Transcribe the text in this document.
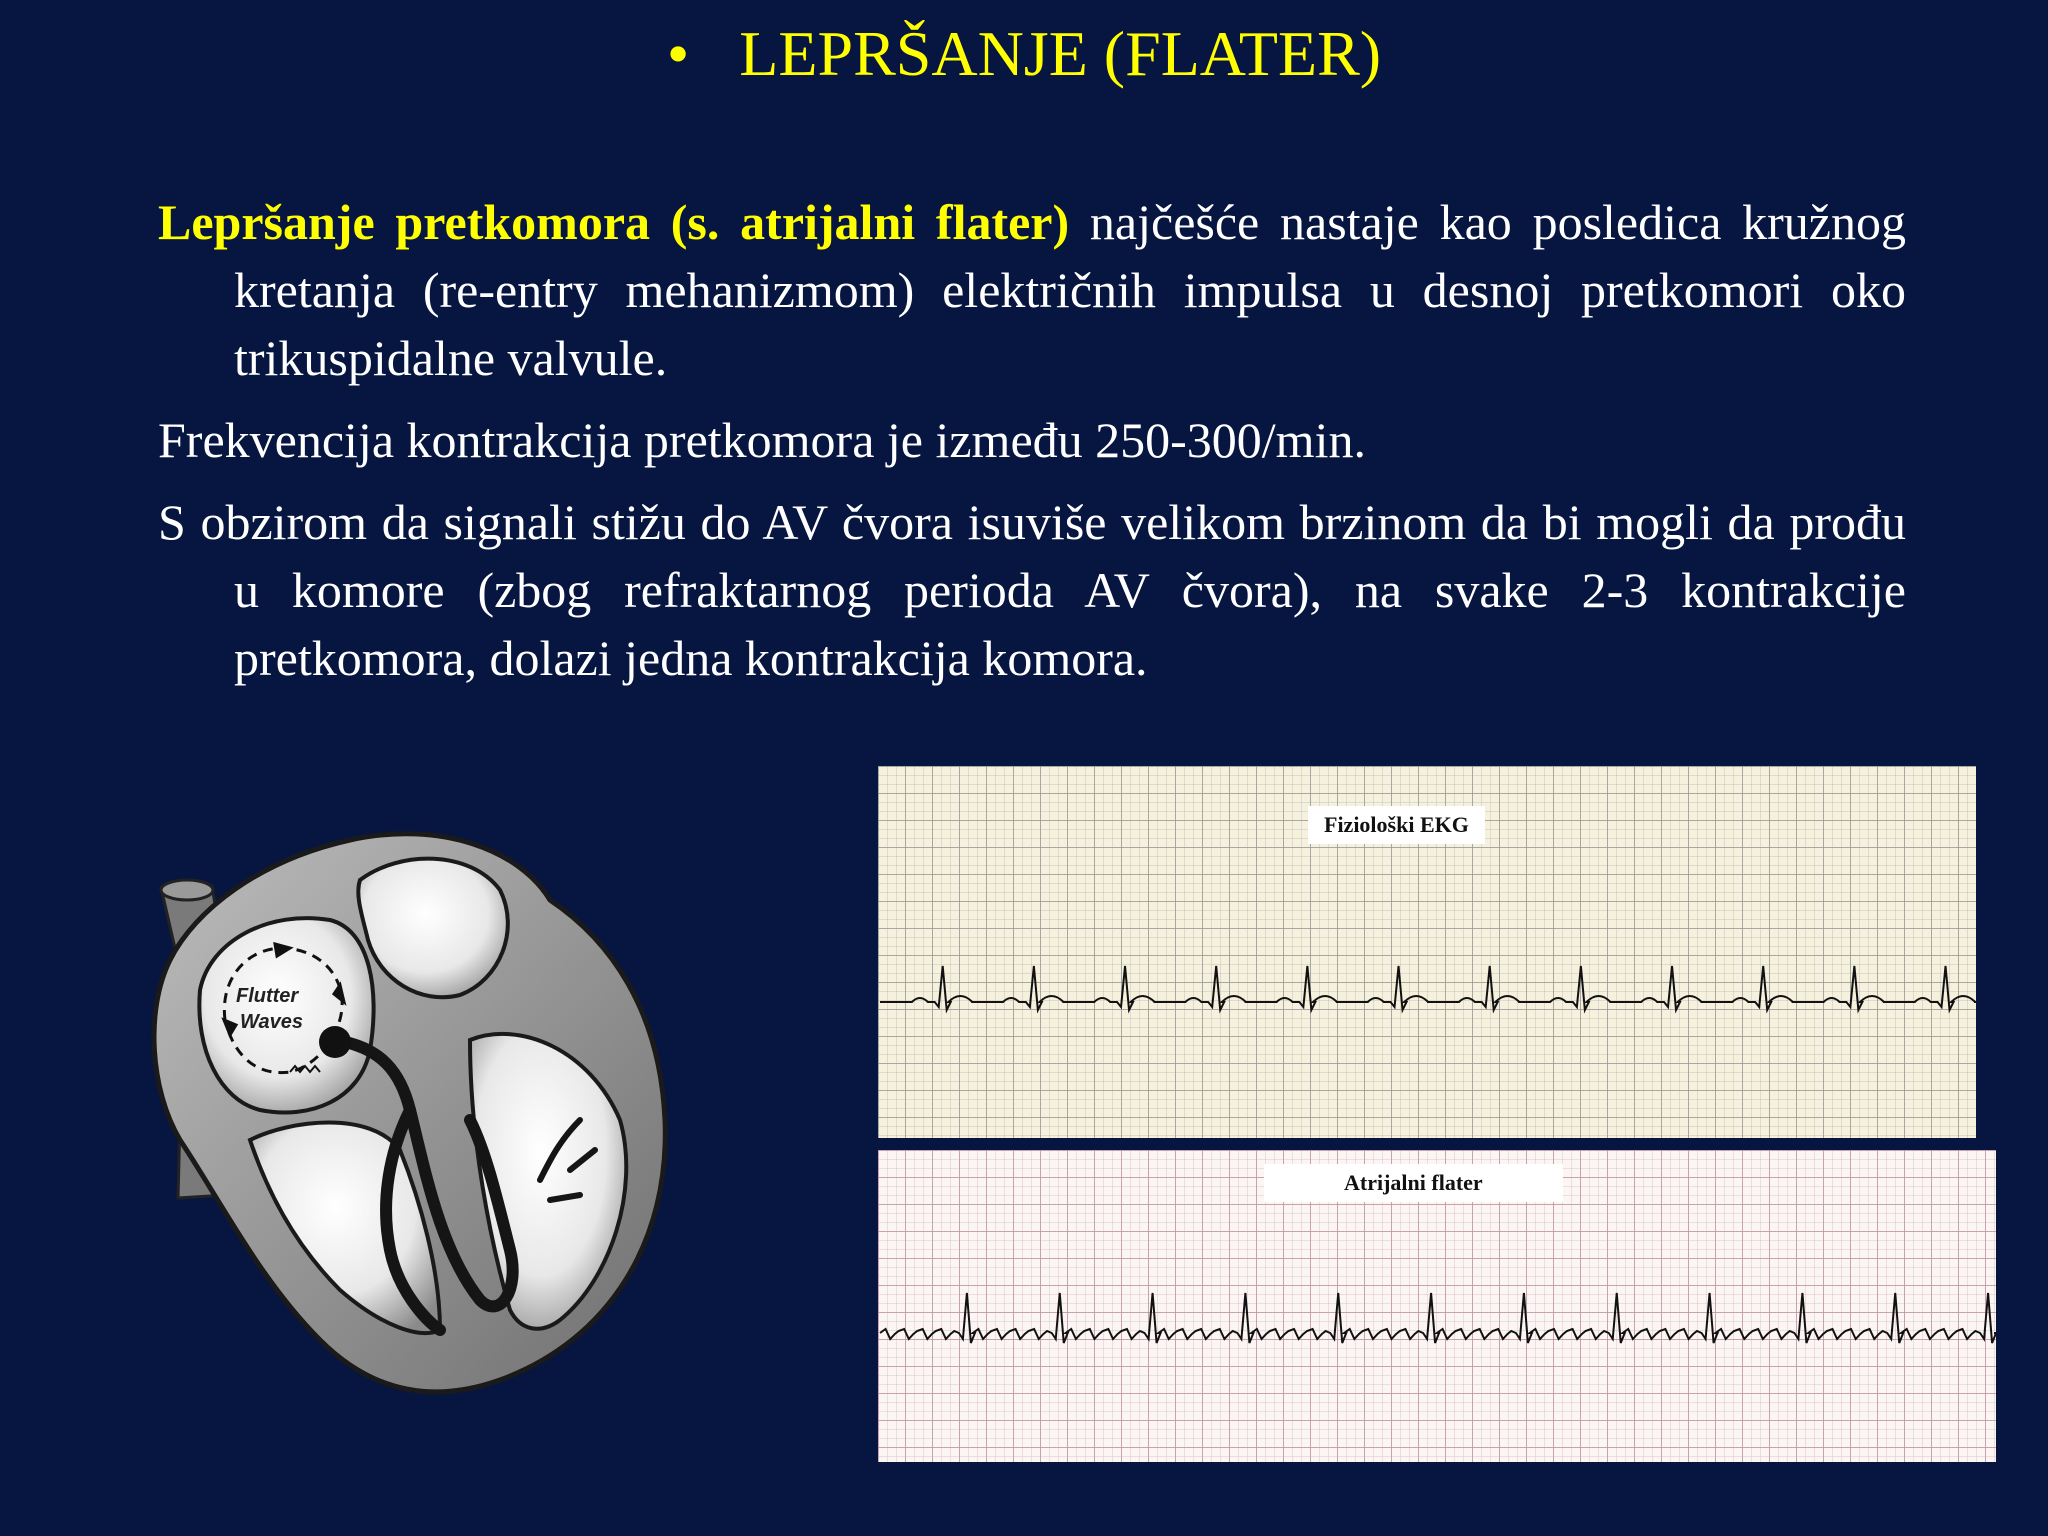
• LEPRŠANJE (FLATER)

Lepršanje pretkomora (s. atrijalni flater) najčešće nastaje kao posledica kružnog kretanja (re-entry mehanizmom) električnih impulsa u desnoj pretkomori oko trikuspidalne valvule.

Frekvencija kontrakcija pretkomora je između 250-300/min.

S obzirom da signali stižu do AV čvora isuviše velikom brzinom da bi mogli da prođu u komore (zbog refraktarnog perioda AV čvora), na svake 2-3 kontrakcije pretkomora, dolazi jedna kontrakcija komora.

Flutter
Waves
Fiziološki EKG
Atrijalni flater
